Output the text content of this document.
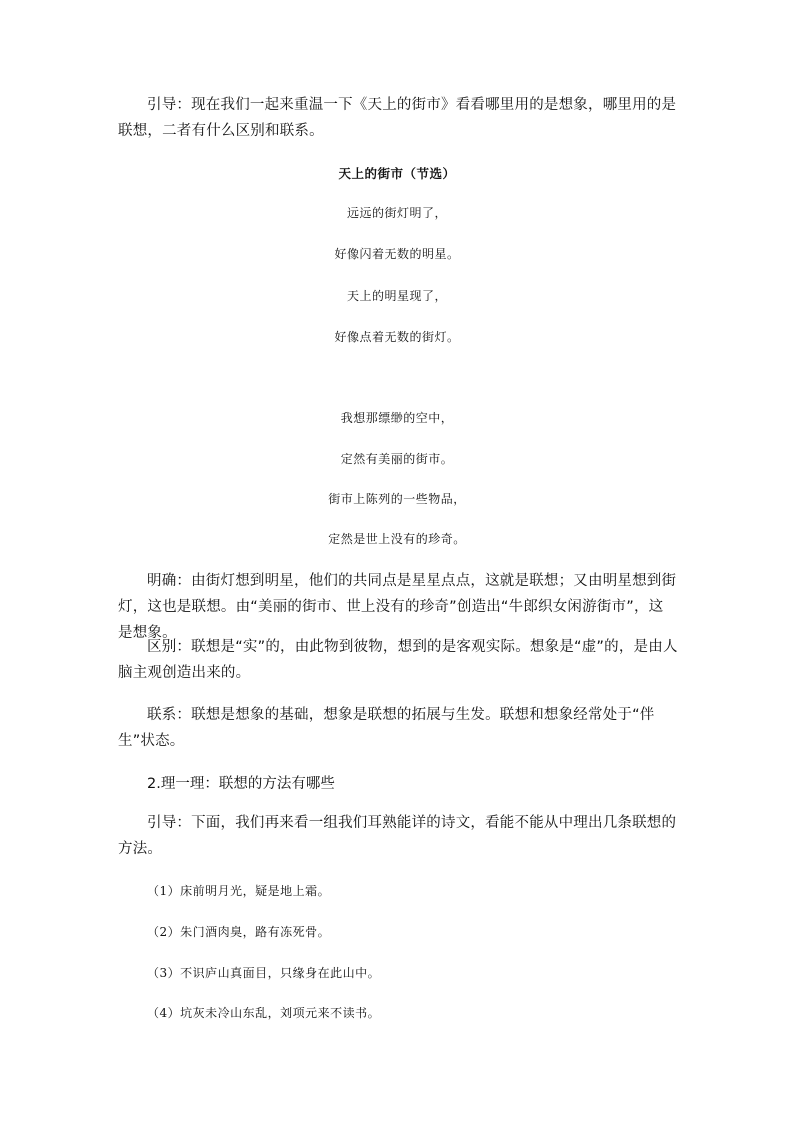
引导：现在我们一起来重温一下《天上的街市》看看哪里用的是想象，哪里用的是联想，二者有什么区别和联系。

天上的街市（节选）

远远的街灯明了，

好像闪着无数的明星。

天上的明星现了，

好像点着无数的街灯。

我想那缥缈的空中，

定然有美丽的街市。

街市上陈列的一些物品，

定然是世上没有的珍奇。

明确：由街灯想到明星，他们的共同点是星星点点，这就是联想；又由明星想到街灯，这也是联想。由“美丽的街市、世上没有的珍奇”创造出“牛郎织女闲游街市”，这是想象。

区别：联想是“实”的，由此物到彼物，想到的是客观实际。想象是“虚”的，是由人脑主观创造出来的。

联系：联想是想象的基础，想象是联想的拓展与生发。联想和想象经常处于“伴生”状态。

2.理一理：联想的方法有哪些

引导：下面，我们再来看一组我们耳熟能详的诗文，看能不能从中理出几条联想的方法。

（1）床前明月光，疑是地上霜。

（2）朱门酒肉臭，路有冻死骨。

（3）不识庐山真面目，只缘身在此山中。

（4）坑灰未冷山东乱，刘项元来不读书。
